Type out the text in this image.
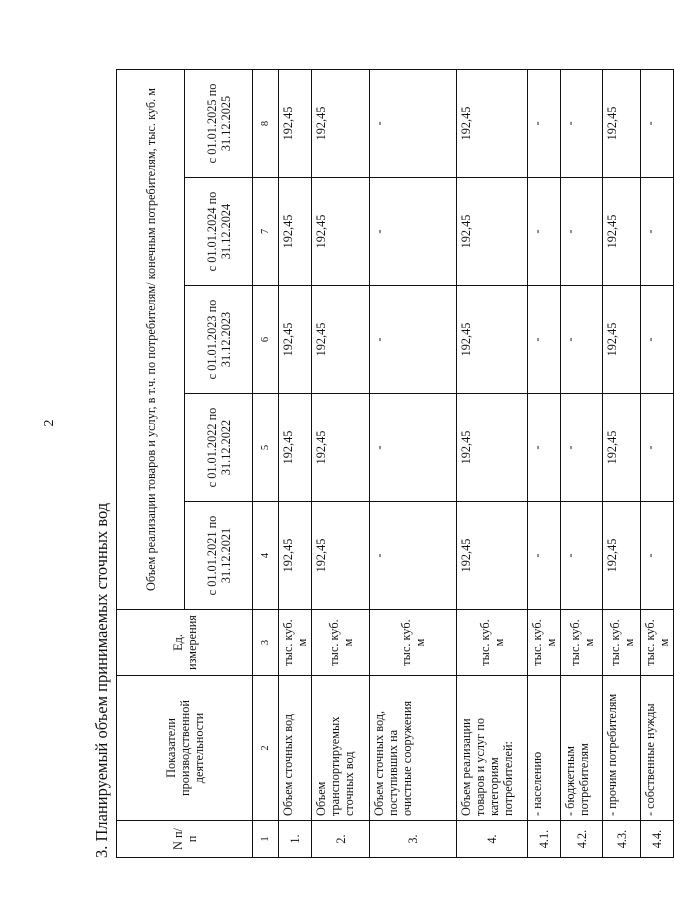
2
3. Планируемый объем принимаемых сточных вод	N п/п	Показатели производственной деятельности	Ед. измерения	Объем реализации товаров и услуг, в т.ч. по потребителям/ конечным потребителям, тыс. куб. м				
			с 01.01.2021 по 31.12.2021	с 01.01.2022 по 31.12.2022	с 01.01.2023 по 31.12.2023	с 01.01.2024 по 31.12.2024	с 01.01.2025 по 31.12.2025
1	2	3	4	5	6	7	8
1.	Объем сточных вод	тыс. куб. м	192,45	192,45	192,45	192,45	192,45
2.	Объем транспортируемых сточных вод	тыс. куб. м	192,45	192,45	192,45	192,45	192,45
3.	Объем сточных вод, поступивших на очистные сооружения	тыс. куб. м	-	-	-	-	-
4.	Объем реализации товаров и услуг по категориям потребителей:	тыс. куб. м	192,45	192,45	192,45	192,45	192,45
4.1.	- населению	тыс. куб. м	-	-	-	-	-
4.2.	- бюджетным потребителям	тыс. куб. м	-	-	-	-	-
4.3.	- прочим потребителям	тыс. куб. м	192,45	192,45	192,45	192,45	192,45
4.4.	- собственные нужды	тыс. куб. м	-	-	-	-	-
